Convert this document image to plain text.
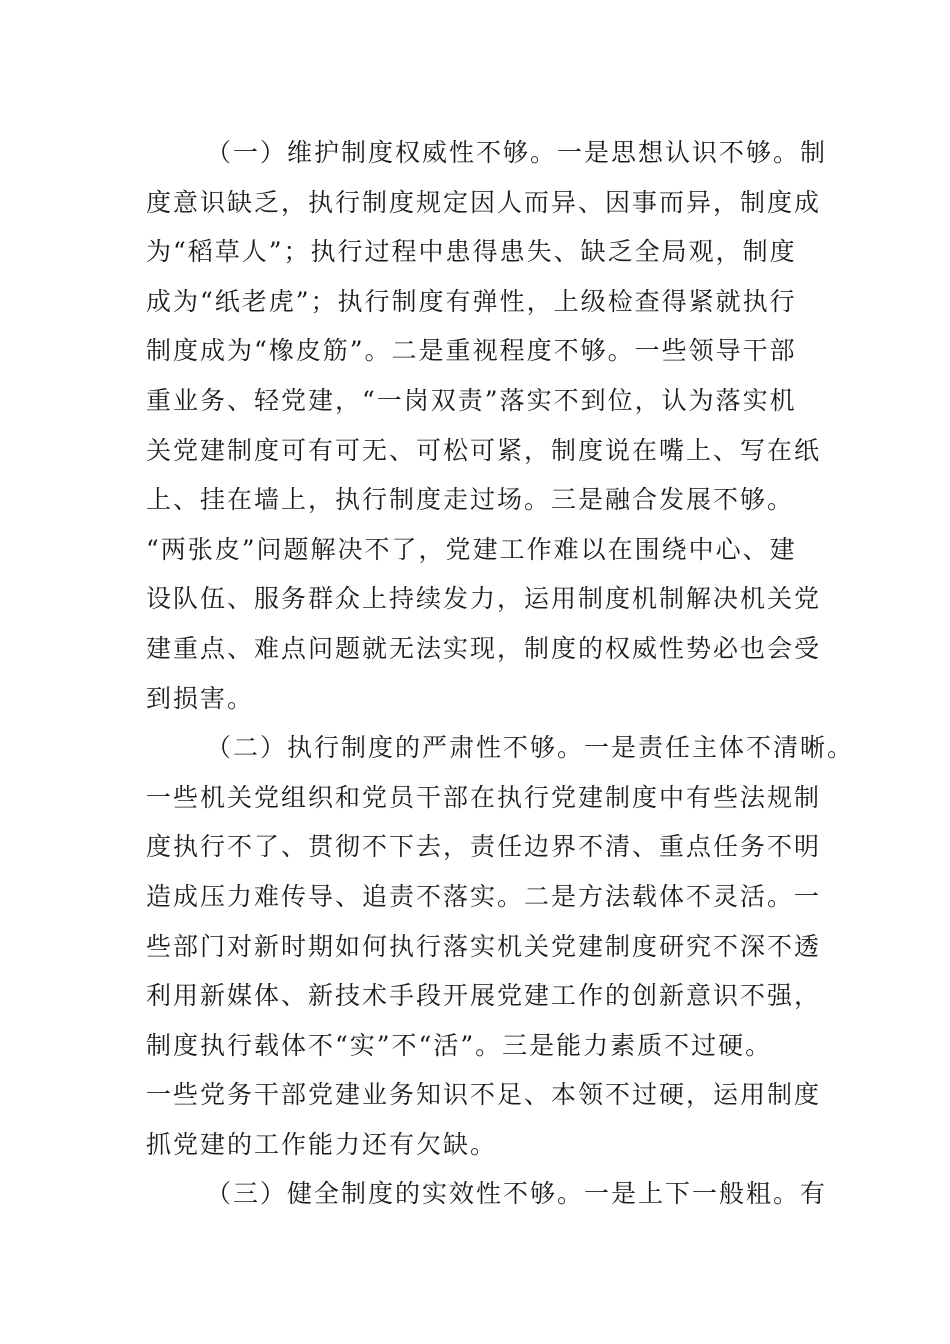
（一）维护制度权威性不够。一是思想认识不够。制
度意识缺乏，执行制度规定因人而异、因事而异，制度成
为“稻草人”；执行过程中患得患失、缺乏全局观，制度
成为“纸老虎”；执行制度有弹性，上级检查得紧就执行
制度成为“橡皮筋”。二是重视程度不够。一些领导干部
重业务、轻党建，“一岗双责”落实不到位，认为落实机
关党建制度可有可无、可松可紧，制度说在嘴上、写在纸
上、挂在墙上，执行制度走过场。三是融合发展不够。
“两张皮”问题解决不了，党建工作难以在围绕中心、建
设队伍、服务群众上持续发力，运用制度机制解决机关党
建重点、难点问题就无法实现，制度的权威性势必也会受
到损害。
（二）执行制度的严肃性不够。一是责任主体不清晰。
一些机关党组织和党员干部在执行党建制度中有些法规制
度执行不了、贯彻不下去，责任边界不清、重点任务不明
造成压力难传导、追责不落实。二是方法载体不灵活。一
些部门对新时期如何执行落实机关党建制度研究不深不透
利用新媒体、新技术手段开展党建工作的创新意识不强，
制度执行载体不“实”不“活”。三是能力素质不过硬。
一些党务干部党建业务知识不足、本领不过硬，运用制度
抓党建的工作能力还有欠缺。
（三）健全制度的实效性不够。一是上下一般粗。有
